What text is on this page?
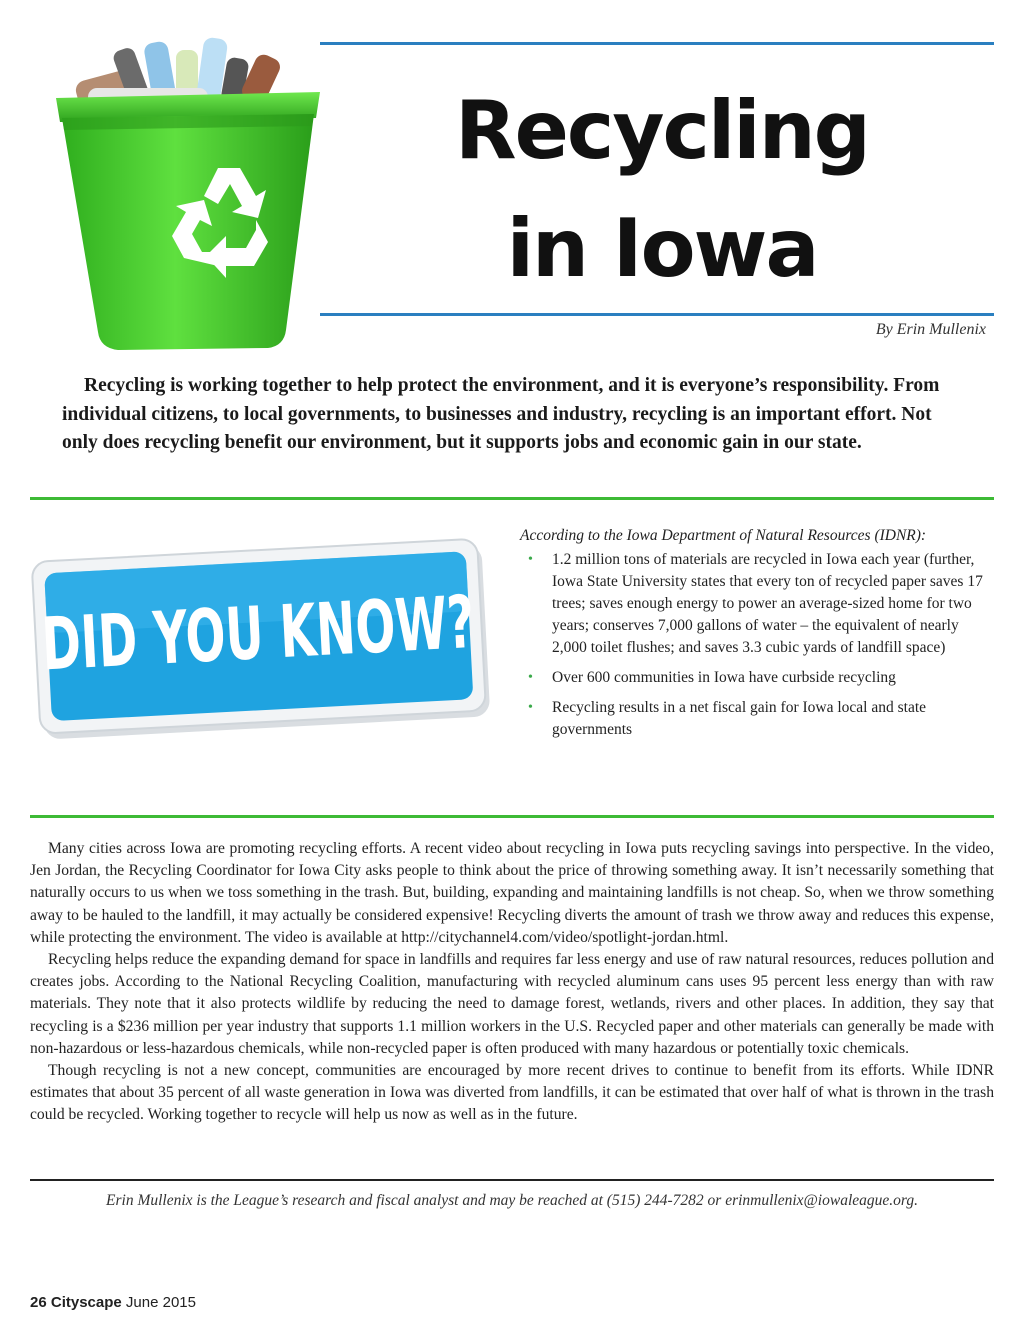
Recycling
in Iowa
By Erin Mullenix
Recycling is working together to help protect the environment, and it is everyone’s responsibility. From individual citizens, to local governments, to businesses and industry, recycling is an important effort. Not only does recycling benefit our environment, but it supports jobs and economic gain in our state.
DID YOU KNOW?
According to the Iowa Department of Natural Resources (IDNR):
• 1.2 million tons of materials are recycled in Iowa each year (further, Iowa State University states that every ton of recycled paper saves 17 trees; saves enough energy to power an average-sized home for two years; conserves 7,000 gallons of water – the equivalent of nearly 2,000 toilet flushes; and saves 3.3 cubic yards of landfill space)
• Over 600 communities in Iowa have curbside recycling
• Recycling results in a net fiscal gain for Iowa local and state governments

Many cities across Iowa are promoting recycling efforts. A recent video about recycling in Iowa puts recycling savings into perspective. In the video, Jen Jordan, the Recycling Coordinator for Iowa City asks people to think about the price of throwing something away. It isn’t necessarily something that naturally occurs to us when we toss something in the trash. But, building, expanding and maintaining landfills is not cheap. So, when we throw something away to be hauled to the landfill, it may actually be considered expensive! Recycling diverts the amount of trash we throw away and reduces this expense, while protecting the environment. The video is available at http://citychannel4.com/video/spotlight-jordan.html.

Recycling helps reduce the expanding demand for space in landfills and requires far less energy and use of raw natural resources, reduces pollution and creates jobs. According to the National Recycling Coalition, manufacturing with recycled aluminum cans uses 95 percent less energy than with raw materials. They note that it also protects wildlife by reducing the need to damage forest, wetlands, rivers and other places. In addition, they say that recycling is a $236 million per year industry that supports 1.1 million workers in the U.S. Recycled paper and other materials can generally be made with non-hazardous or less-hazardous chemicals, while non-recycled paper is often produced with many hazardous or potentially toxic chemicals.

Though recycling is not a new concept, communities are encouraged by more recent drives to continue to benefit from its efforts. While IDNR estimates that about 35 percent of all waste generation in Iowa was diverted from landfills, it can be estimated that over half of what is thrown in the trash could be recycled. Working together to recycle will help us now as well as in the future.

Erin Mullenix is the League’s research and fiscal analyst and may be reached at (515) 244-7282 or erinmullenix@iowaleague.org.
26 Cityscape June 2015
